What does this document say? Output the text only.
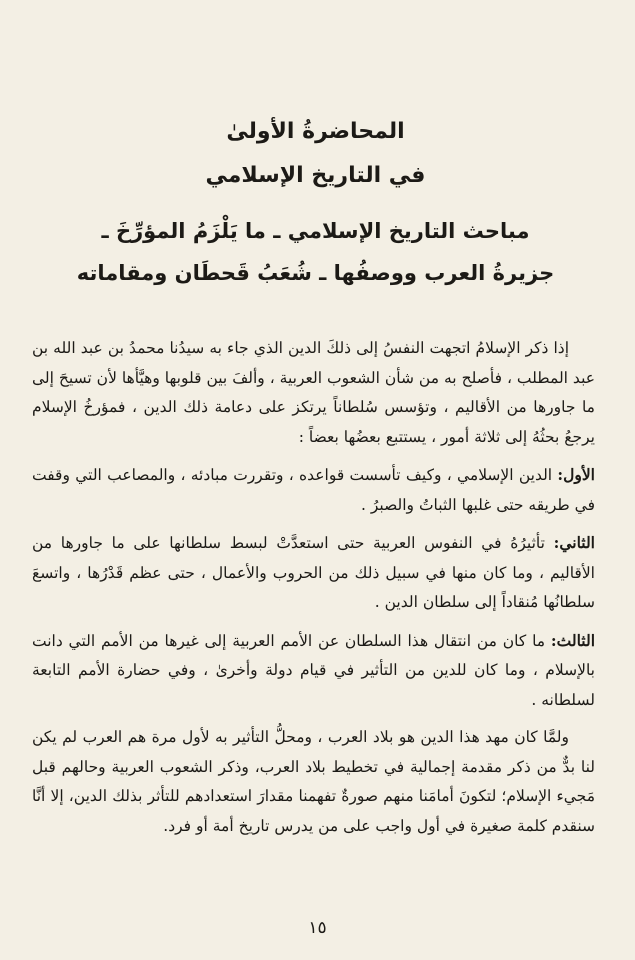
المحاضرةُ الأولىٰ

في التاريخ الإسلامي

مباحث التاريخ الإسلامي ـ ما يَلْزَمُ المؤرِّخَ ـ

جزيرةُ العرب ووصفُها ـ شُعَبُ قَحطَان ومقاماته

إذا ذكر الإسلامُ اتجهت النفسُ إلى ذلكَ الدين الذي جاء به سيدُنا محمدُ بن عبد الله بن عبد المطلب ، فأصلح به من شأن الشعوب العربية ، وألفَ بين قلوبها وهيَّأها لأن تسيحَ إلى ما جاورها من الأقاليم ، وتؤسس سُلطاناً يرتكز على دعامة ذلك الدين ، فمؤرخُ الإسلام يرجعُ بحثُهُ إلى ثلاثة أمور ، يستتبع بعضُها بعضاً :

الأول: الدين الإسلامي ، وكيف تأسست قواعده ، وتقررت مبادئه ، والمصاعب التي وقفت في طريقه حتى غلبها الثباتُ والصبرُ .

الثاني: تأثيرُهُ في النفوس العربية حتى استعدَّتْ لبسط سلطانها على ما جاورها من الأقاليم ، وما كان منها في سبيل ذلك من الحروب والأعمال ، حتى عظم قَدْرُها ، واتسعَ سلطانُها مُنقاداً إلى سلطان الدين .

الثالث: ما كان من انتقال هذا السلطان عن الأمم العربية إلى غيرها من الأمم التي دانت بالإسلام ، وما كان للدين من التأثير في قيام دولة وأخرىٰ ، وفي حضارة الأمم التابعة لسلطانه .

ولمَّا كان مهد هذا الدين هو بلاد العرب ، ومحلُّ التأثير به لأول مرة هم العرب لم يكن لنا بدٌّ من ذكر مقدمة إجمالية في تخطيط بلاد العرب، وذكر الشعوب العربية وحالهم قبل مَجيء الإسلام؛ لتكونَ أمامَنا منهم صورةٌ تفهمنا مقدارَ استعدادهم للتأثر بذلك الدين، إلا أنَّا سنقدم كلمة صغيرة في أول واجب على من يدرس تاريخ أمة أو فرد.

١٥
